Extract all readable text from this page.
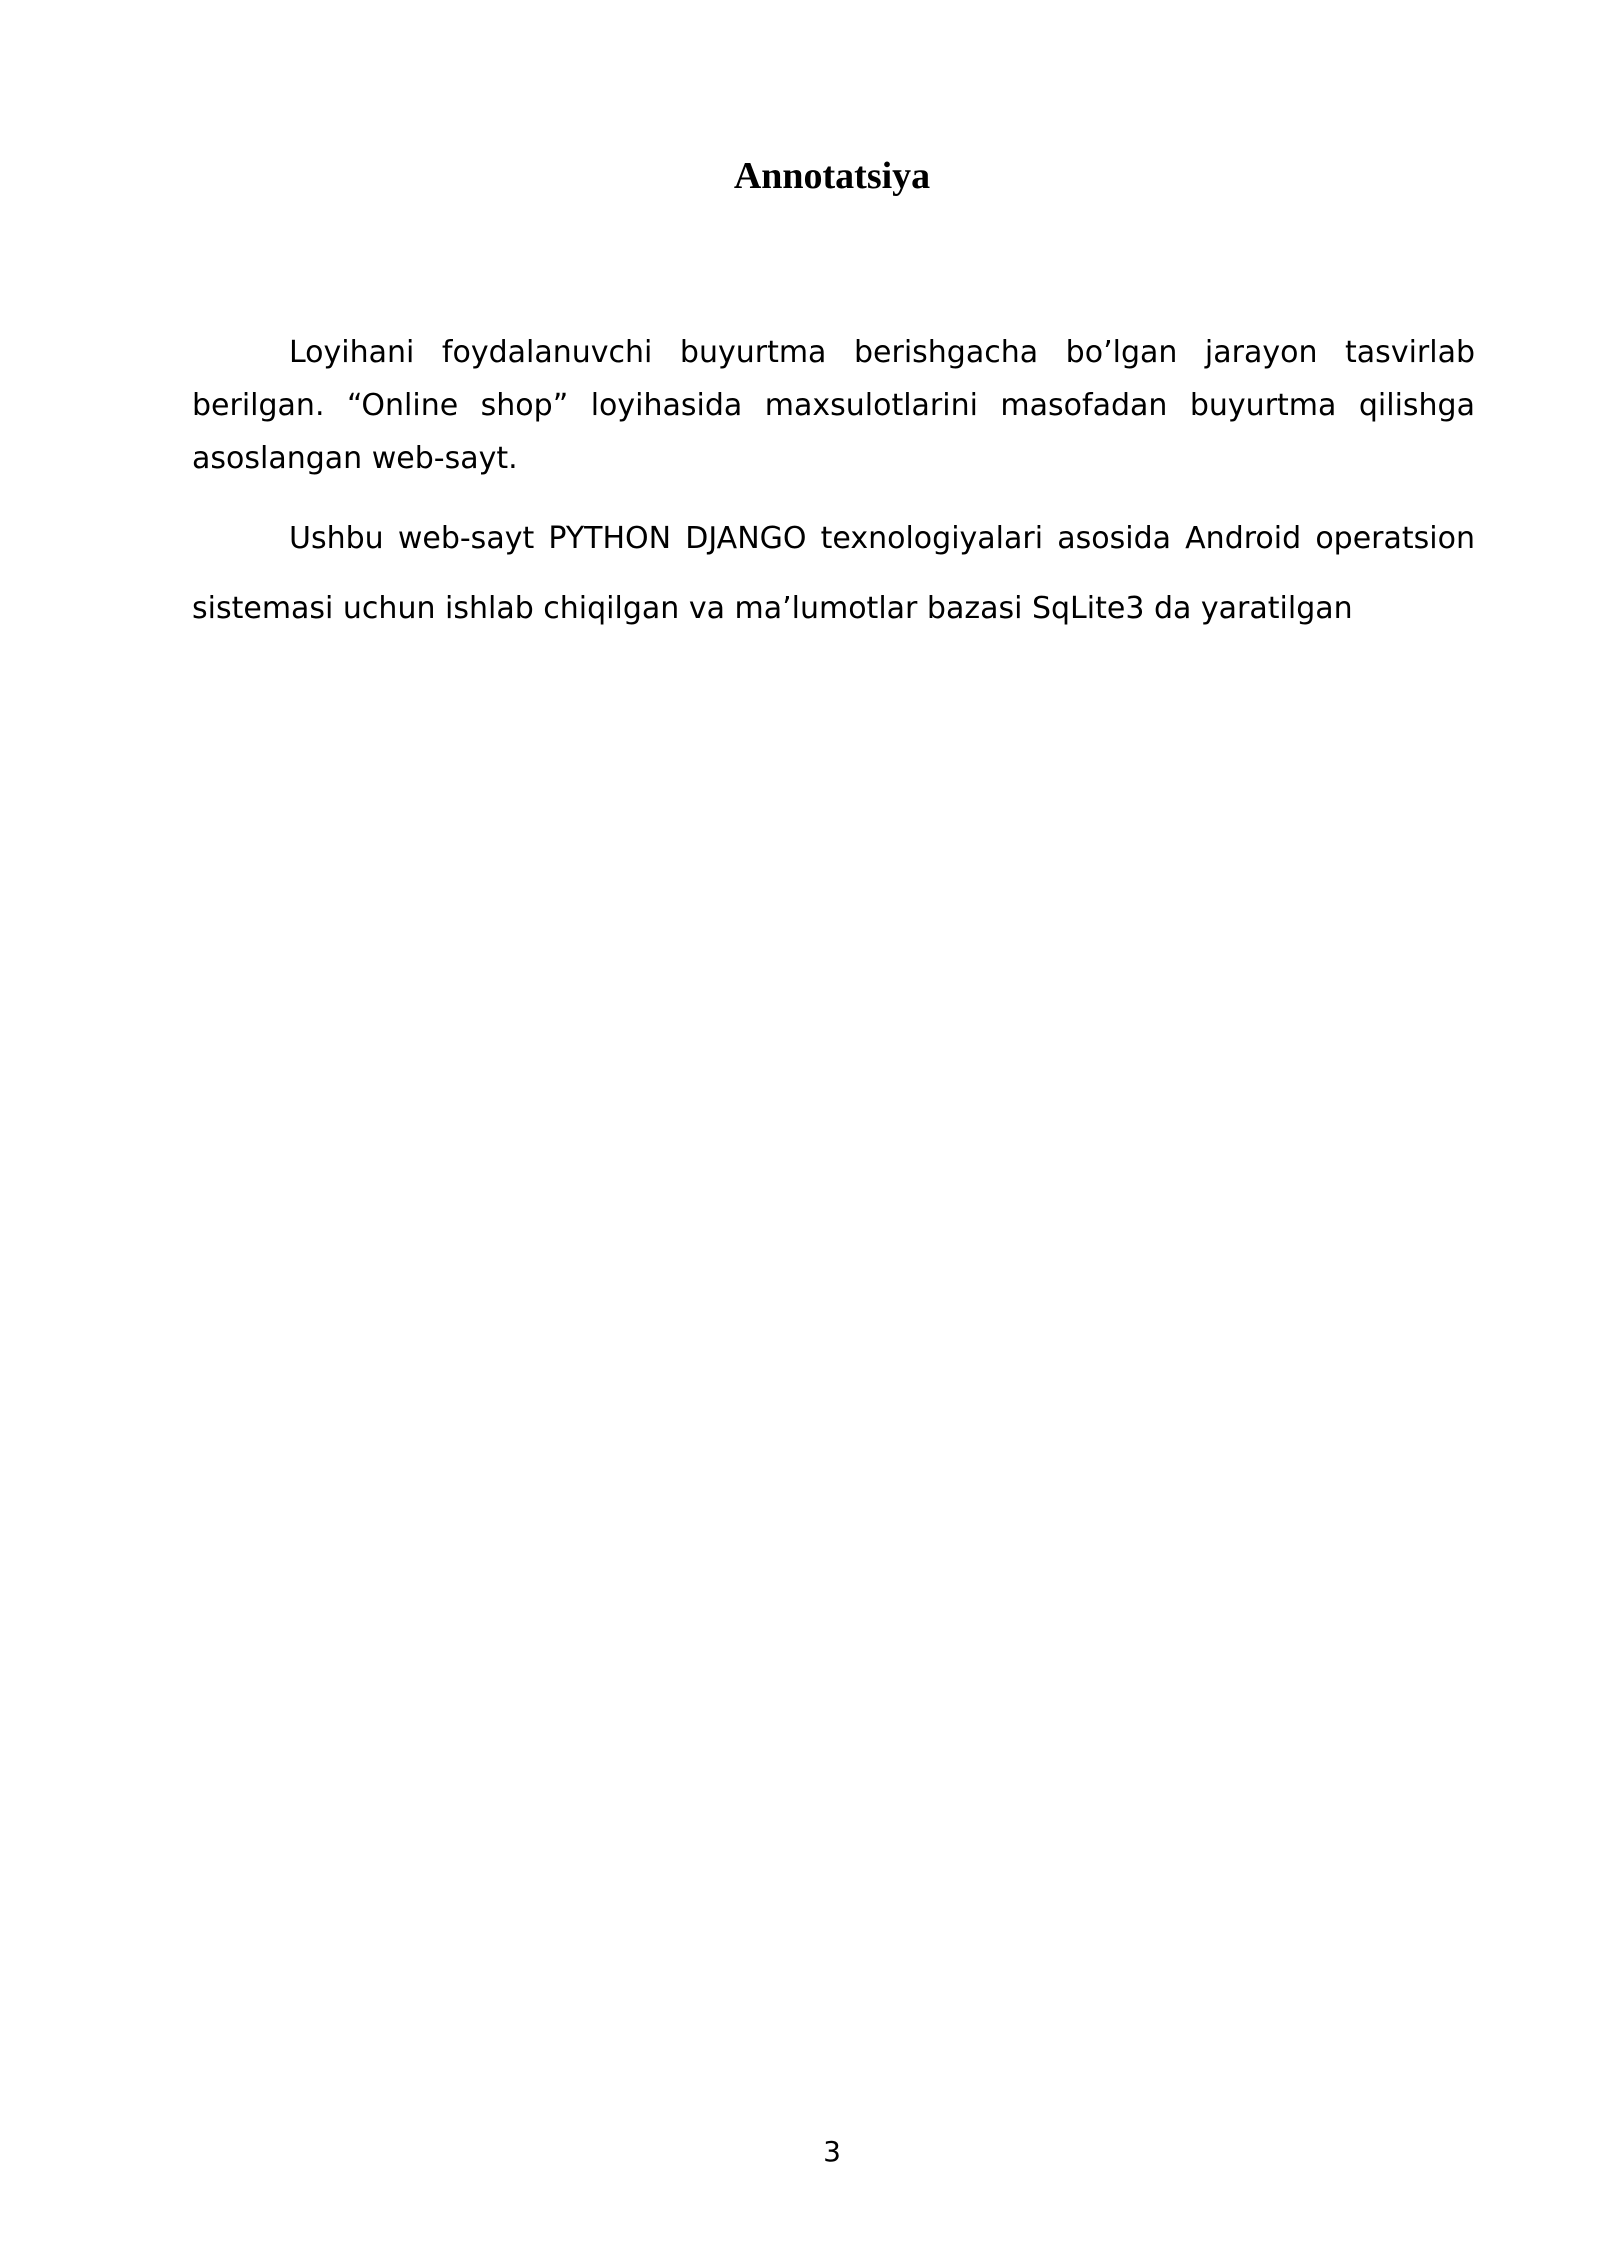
Annotatsiya

Loyihani foydalanuvchi buyurtma berishgacha bo’lgan jarayon tasvirlab berilgan. “Online shop” loyihasida maxsulotlarini masofadan buyurtma qilishga asoslangan web-sayt.

Ushbu web-sayt PYTHON DJANGO texnologiyalari asosida Android operatsion sistemasi uchun ishlab chiqilgan va ma’lumotlar bazasi SqLite3 da yaratilgan

3
